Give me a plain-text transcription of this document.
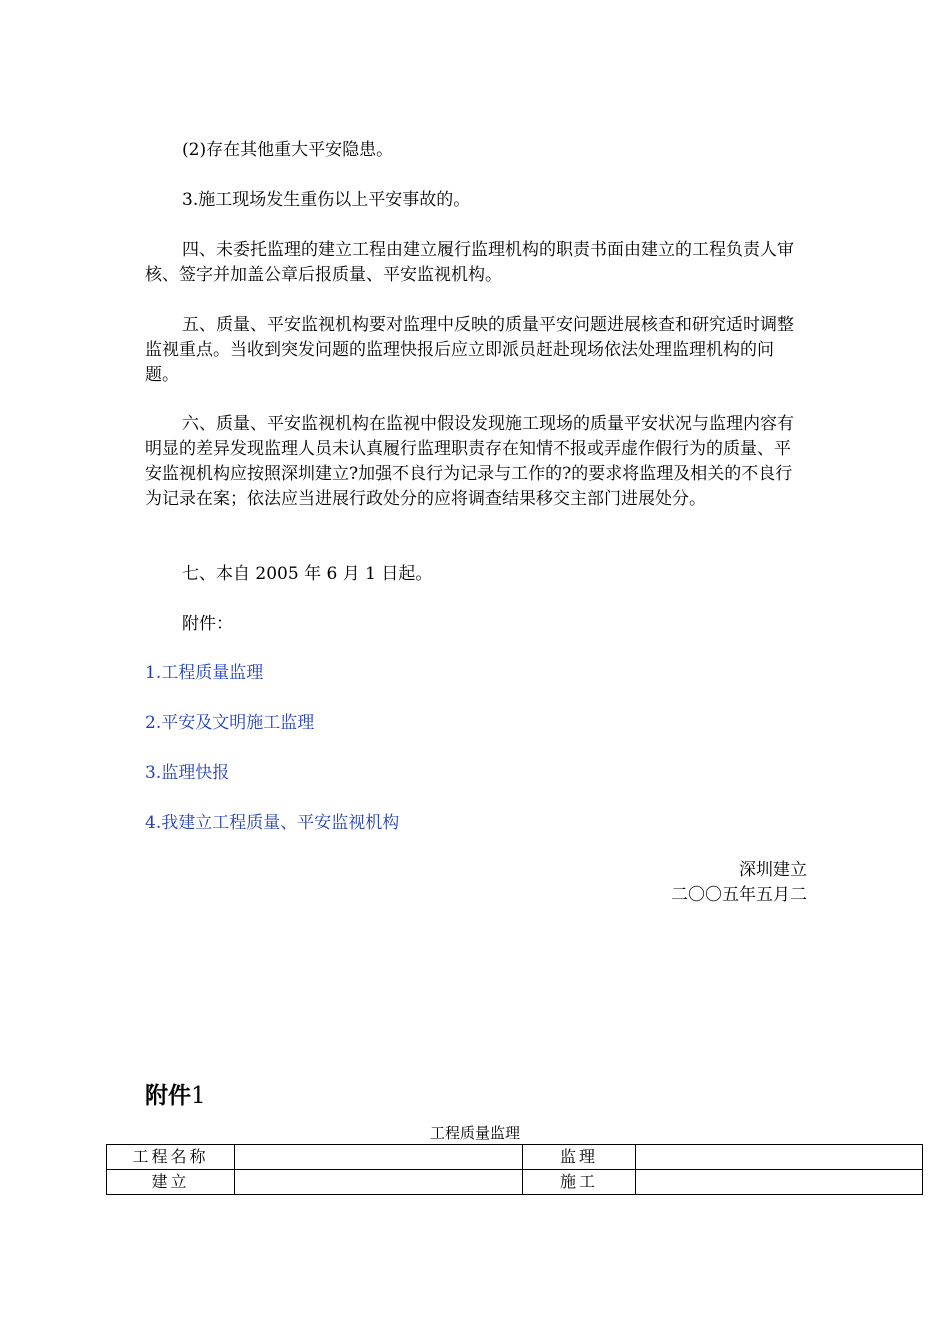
(2)存在其他重大平安隐患。
3.施工现场发生重伤以上平安事故的。
四、未委托监理的建立工程由建立履行监理机构的职责书面由建立的工程负责人审核、签字并加盖公章后报质量、平安监视机构。
五、质量、平安监视机构要对监理中反映的质量平安问题进展核查和研究适时调整监视重点。当收到突发问题的监理快报后应立即派员赶赴现场依法处理监理机构的问题。
六、质量、平安监视机构在监视中假设发现施工现场的质量平安状况与监理内容有明显的差异发现监理人员未认真履行监理职责存在知情不报或弄虚作假行为的质量、平安监视机构应按照深圳建立?加强不良行为记录与工作的?的要求将监理及相关的不良行为记录在案；依法应当进展行政处分的应将调查结果移交主部门进展处分。
七、本自 2005 年 6 月 1 日起。
附件：
1.工程质量监理
2.平安及文明施工监理
3.监理快报
4.我建立工程质量、平安监视机构
深圳建立
二〇〇五年五月二
附件1
工程质量监理
工程名称		监理	
建立		施工	
